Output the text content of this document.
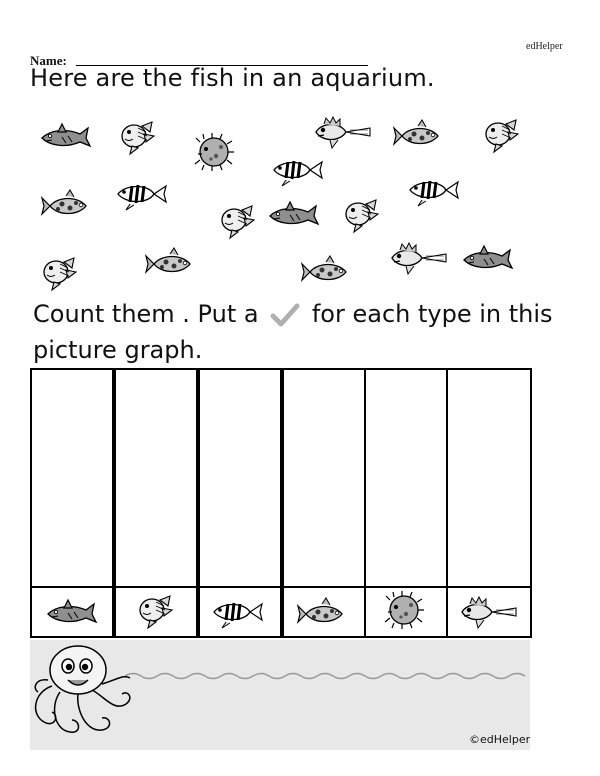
edHelper
Name:
Here are the fish in an aquarium.
Count them . Put a for each type in this
picture graph.
©edHelper
